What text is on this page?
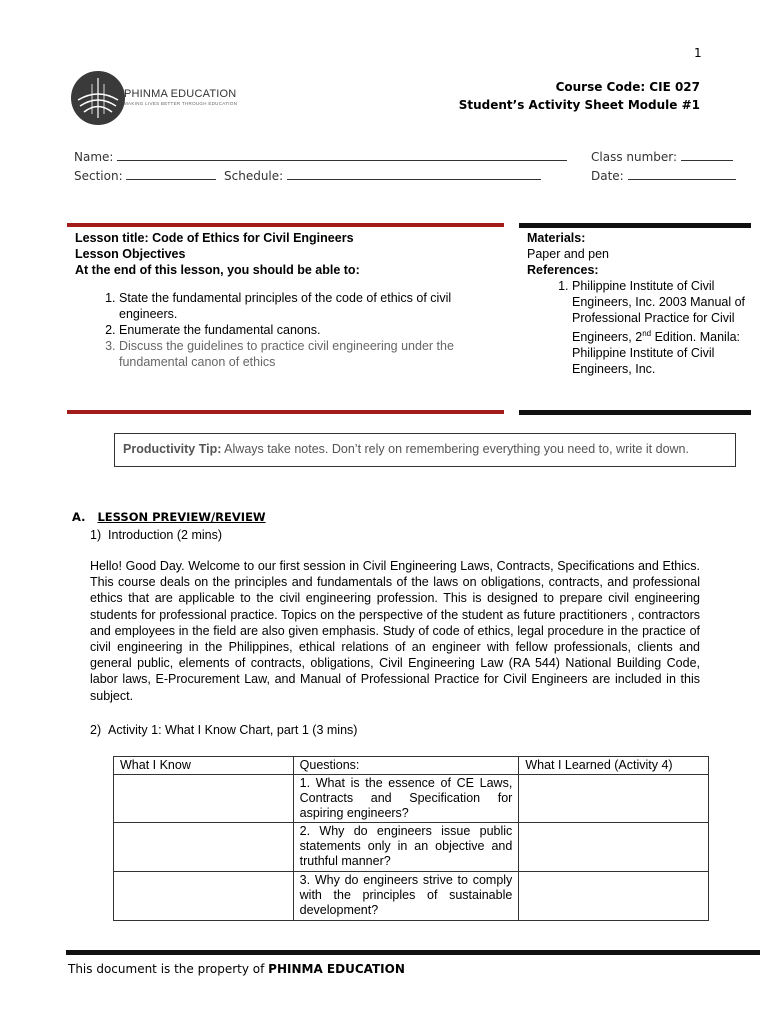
1
PHINMA EDUCATION
MAKING LIVES BETTER THROUGH EDUCATION
Course Code: CIE 027
Student’s Activity Sheet Module #1
Name:	Class number:
Section:	Schedule:	Date:
Lesson title: Code of Ethics for Civil Engineers
Lesson Objectives
At the end of this lesson, you should be able to:
1. State the fundamental principles of the code of ethics of civil engineers.
2. Enumerate the fundamental canons.
3. Discuss the guidelines to practice civil engineering under the fundamental canon of ethics
Materials:
Paper and pen
References:
1. Philippine Institute of Civil Engineers, Inc. 2003 Manual of Professional Practice for Civil Engineers, 2nd Edition. Manila: Philippine Institute of Civil Engineers, Inc.
Productivity Tip: Always take notes. Don’t rely on remembering everything you need to, write it down.
A. LESSON PREVIEW/REVIEW
1)  Introduction (2 mins)
Hello! Good Day. Welcome to our first session in Civil Engineering Laws, Contracts, Specifications and Ethics. This course deals on the principles and fundamentals of the laws on obligations, contracts, and professional ethics that are applicable to the civil engineering profession. This is designed to prepare civil engineering students for professional practice. Topics on the perspective of the student as future practitioners , contractors and employees in the field are also given emphasis. Study of code of ethics, legal procedure in the practice of civil engineering in the Philippines, ethical relations of an engineer with fellow professionals, clients and general public, elements of contracts, obligations, Civil Engineering Law (RA 544) National Building Code, labor laws, E-Procurement Law, and Manual of Professional Practice for Civil Engineers are included in this subject.
2)  Activity 1: What I Know Chart, part 1 (3 mins)
What I Know	Questions:	What I Learned (Activity 4)
	1. What is the essence of CE Laws, Contracts and Specification for aspiring engineers?	
	2. Why do engineers issue public statements only in an objective and truthful manner?	
	3. Why do engineers strive to comply with the principles of sustainable development?	
This document is the property of PHINMA EDUCATION
